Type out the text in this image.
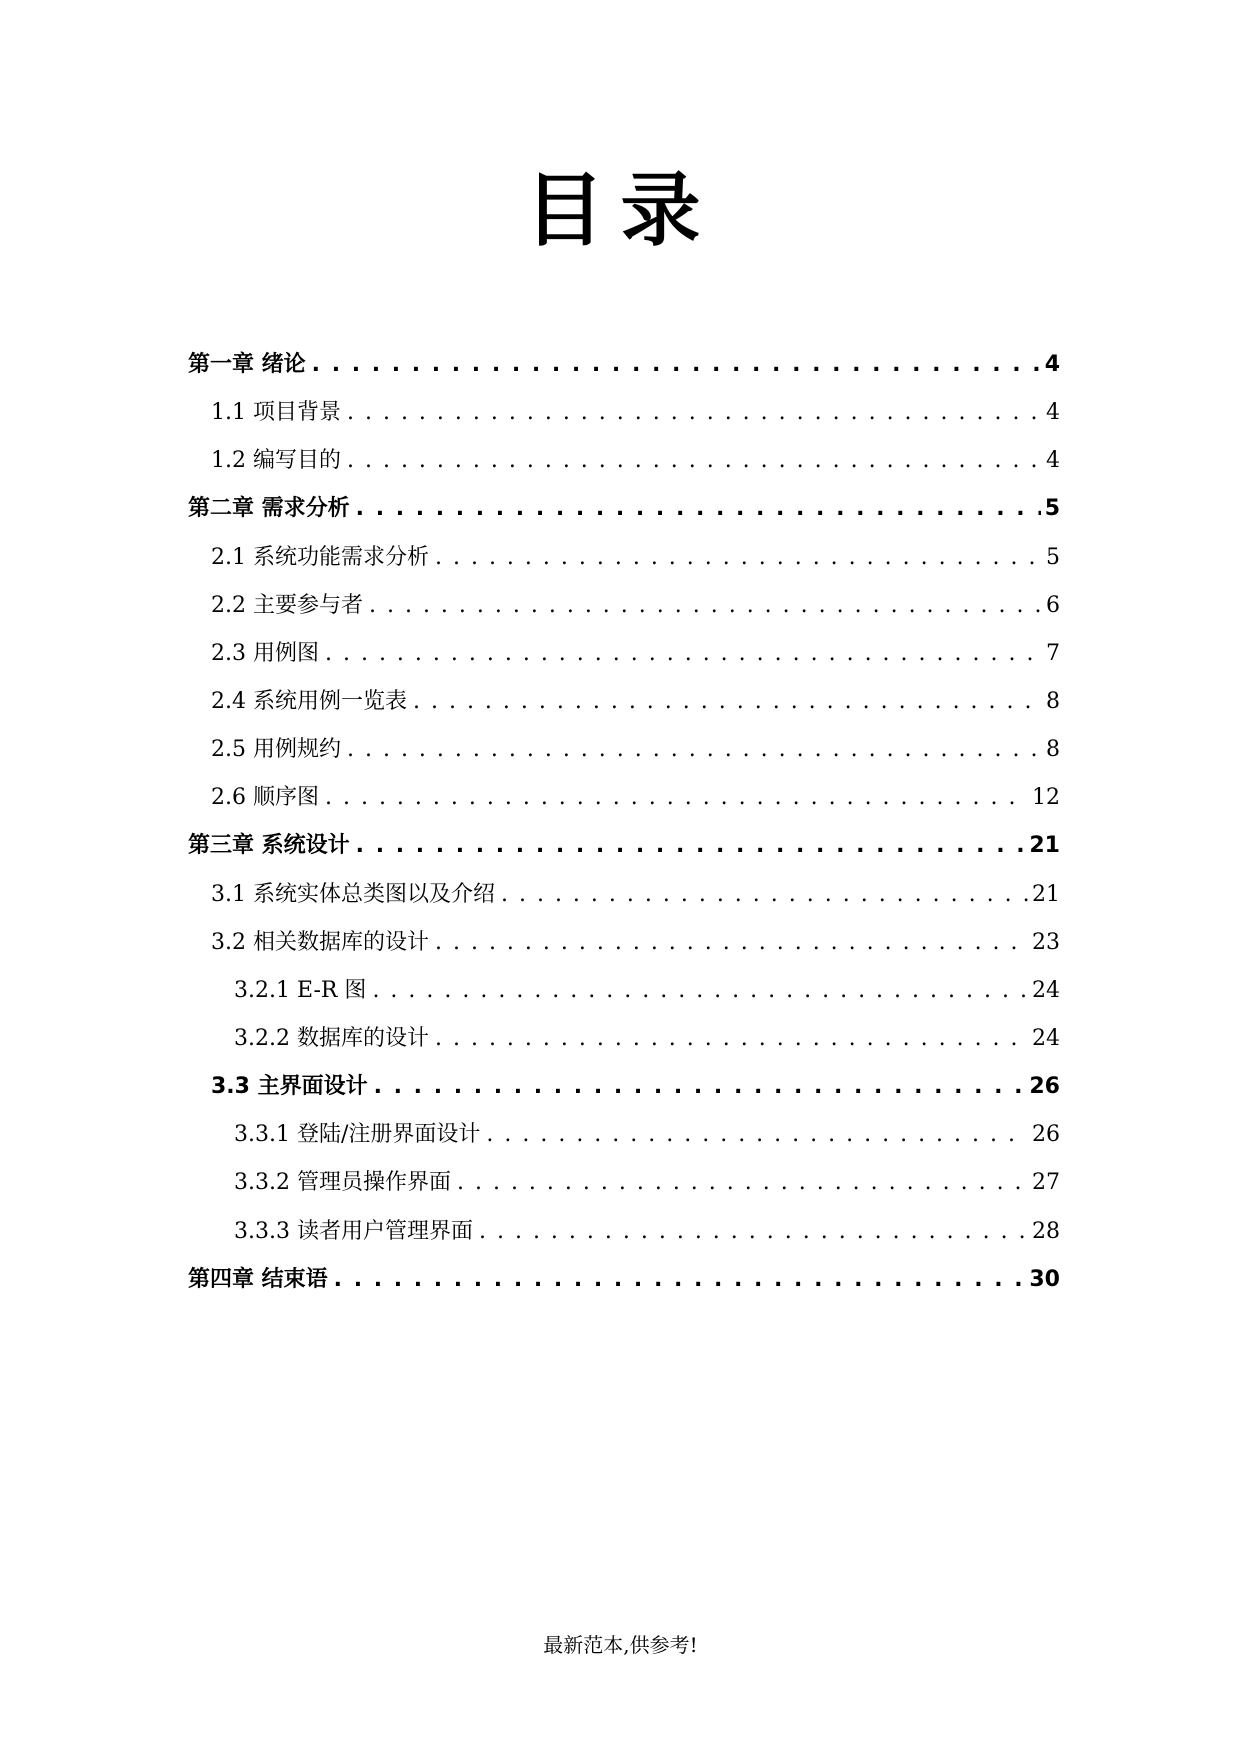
目录
第一章 绪论 . . .	4
1.1 项目背景 . . .	4
1.2 编写目的 . . .	4
第二章 需求分析 . . .	5
2.1 系统功能需求分析 . . .	5
2.2 主要参与者 . . .	6
2.3 用例图 . . .	7
2.4 系统用例一览表 . . .	8
2.5 用例规约 . . .	8
2.6 顺序图 . . .	12
第三章 系统设计 . . .	21
3.1 系统实体总类图以及介绍 . . .	21
3.2 相关数据库的设计 . . .	23
3.2.1 E-R 图 . . .	24
3.2.2 数据库的设计 . . .	24
3.3 主界面设计 . . .	26
3.3.1 登陆/注册界面设计 . . .	26
3.3.2 管理员操作界面 . . .	27
3.3.3 读者用户管理界面 . . .	28
第四章 结束语 . . .	30
最新范本,供参考!
